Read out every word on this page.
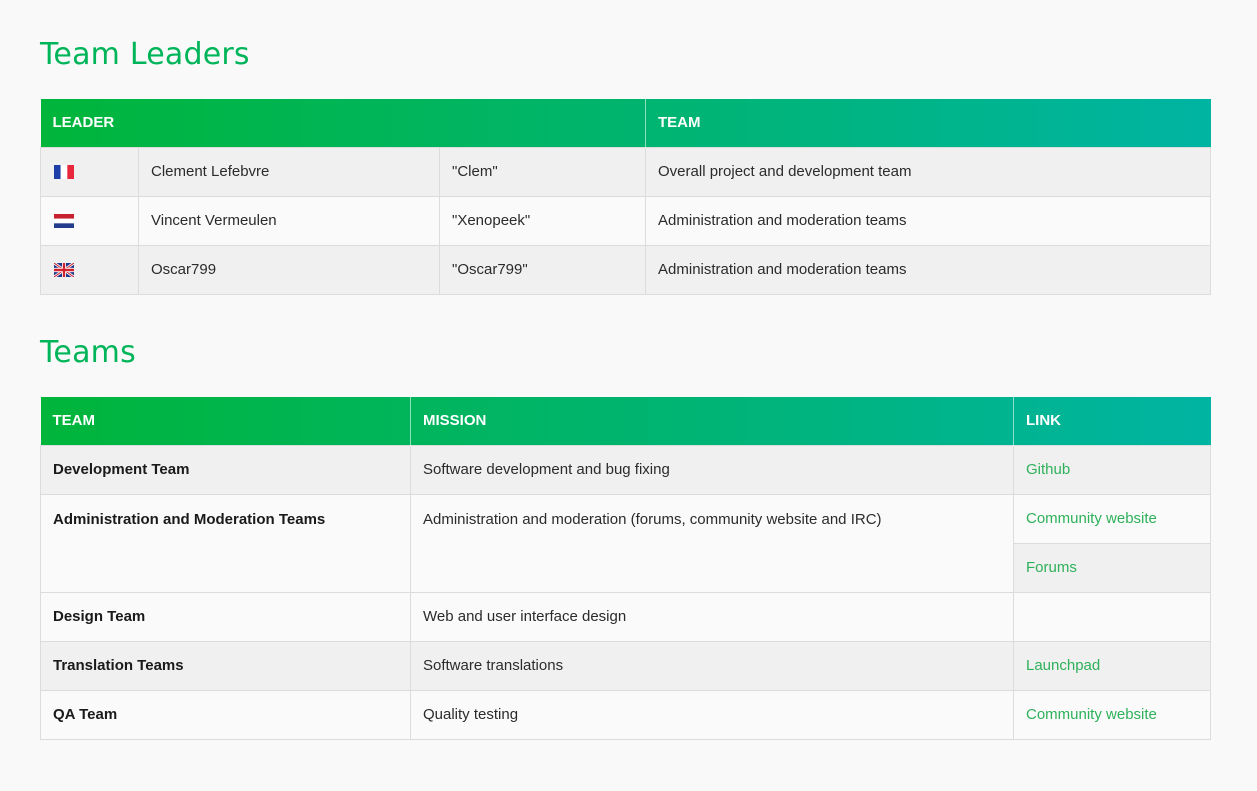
Team Leaders
LEADER			TEAM
	Clement Lefebvre	"Clem"	Overall project and development team
	Vincent Vermeulen	"Xenopeek"	Administration and moderation teams
	Oscar799	"Oscar799"	Administration and moderation teams
Teams
TEAM	MISSION	LINK
Development Team	Software development and bug fixing	Github
Administration and Moderation Teams	Administration and moderation (forums, community website and IRC)	Community website
		Forums
Design Team	Web and user interface design	
Translation Teams	Software translations	Launchpad
QA Team	Quality testing	Community website
